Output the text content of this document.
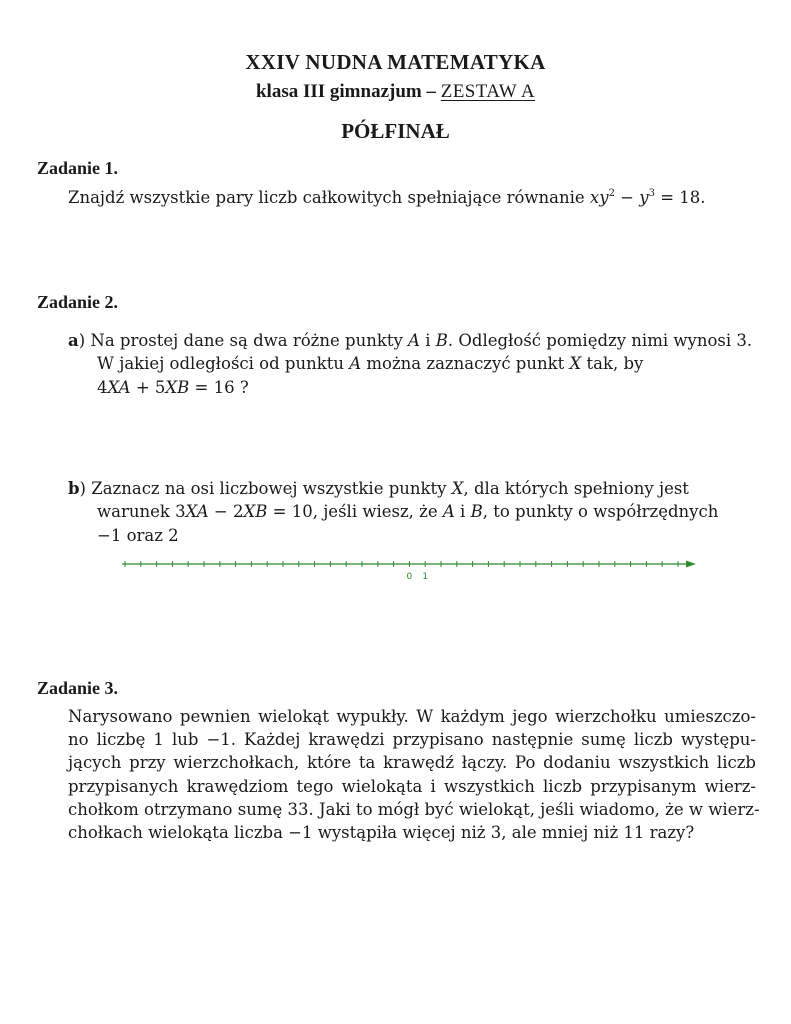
XXIV NUDNA MATEMATYKA
klasa III gimnazjum – ZESTAW A
PÓŁFINAŁ
Zadanie 1.
Znajdź wszystkie pary liczb całkowitych spełniające równanie $xy^2 - y^3 = 18$.
Zadanie 2.
a) Na prostej dane są dwa różne punkty A i B. Odległość pomiędzy nimi wynosi 3.
W jakiej odległości od punktu A można zaznaczyć punkt X tak, by
4XA + 5XB = 16 ?
b) Zaznacz na osi liczbowej wszystkie punkty X, dla których spełniony jest
warunek 3XA − 2XB = 10, jeśli wiesz, że A i B, to punkty o współrzędnych
−1 oraz 2
0 1
Zadanie 3.
Narysowano pewnien wielokąt wypukły. W każdym jego wierzchołku umieszczo-
no liczbę 1 lub −1. Każdej krawędzi przypisano następnie sumę liczb występu-
jących przy wierzchołkach, które ta krawędź łączy. Po dodaniu wszystkich liczb
przypisanych krawędziom tego wielokąta i wszystkich liczb przypisanym wierz-
chołkom otrzymano sumę 33. Jaki to mógł być wielokąt, jeśli wiadomo, że w wierz-
chołkach wielokąta liczba −1 wystąpiła więcej niż 3, ale mniej niż 11 razy?
